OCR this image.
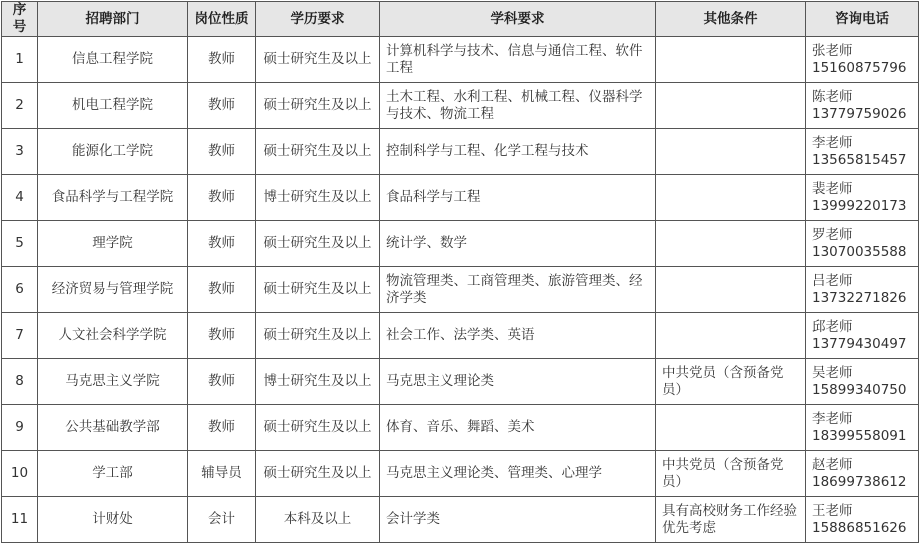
序号	招聘部门	岗位性质	学历要求	学科要求	其他条件	咨询电话
1	信息工程学院	教师	硕士研究生及以上	计算机科学与技术、信息与通信工程、软件工程		张老师
15160875796

2	机电工程学院	教师	硕士研究生及以上	土木工程、水利工程、机械工程、仪器科学与技术、物流工程		陈老师
13779759026

3	能源化工学院	教师	硕士研究生及以上	控制科学与工程、化学工程与技术		李老师
13565815457

4	食品科学与工程学院	教师	博士研究生及以上	食品科学与工程		裴老师
13999220173

5	理学院	教师	硕士研究生及以上	统计学、数学		罗老师
13070035588

6	经济贸易与管理学院	教师	硕士研究生及以上	物流管理类、工商管理类、旅游管理类、经济学类		吕老师
13732271826

7	人文社会科学学院	教师	硕士研究生及以上	社会工作、法学类、英语		邱老师
13779430497

8	马克思主义学院	教师	博士研究生及以上	马克思主义理论类	中共党员（含预备党员）	吴老师
15899340750

9	公共基础教学部	教师	硕士研究生及以上	体育、音乐、舞蹈、美术		李老师
18399558091

10	学工部	辅导员	硕士研究生及以上	马克思主义理论类、管理类、心理学	中共党员（含预备党员）	赵老师
18699738612

11	计财处	会计	本科及以上	会计学类	具有高校财务工作经验优先考虑	王老师
15886851626
